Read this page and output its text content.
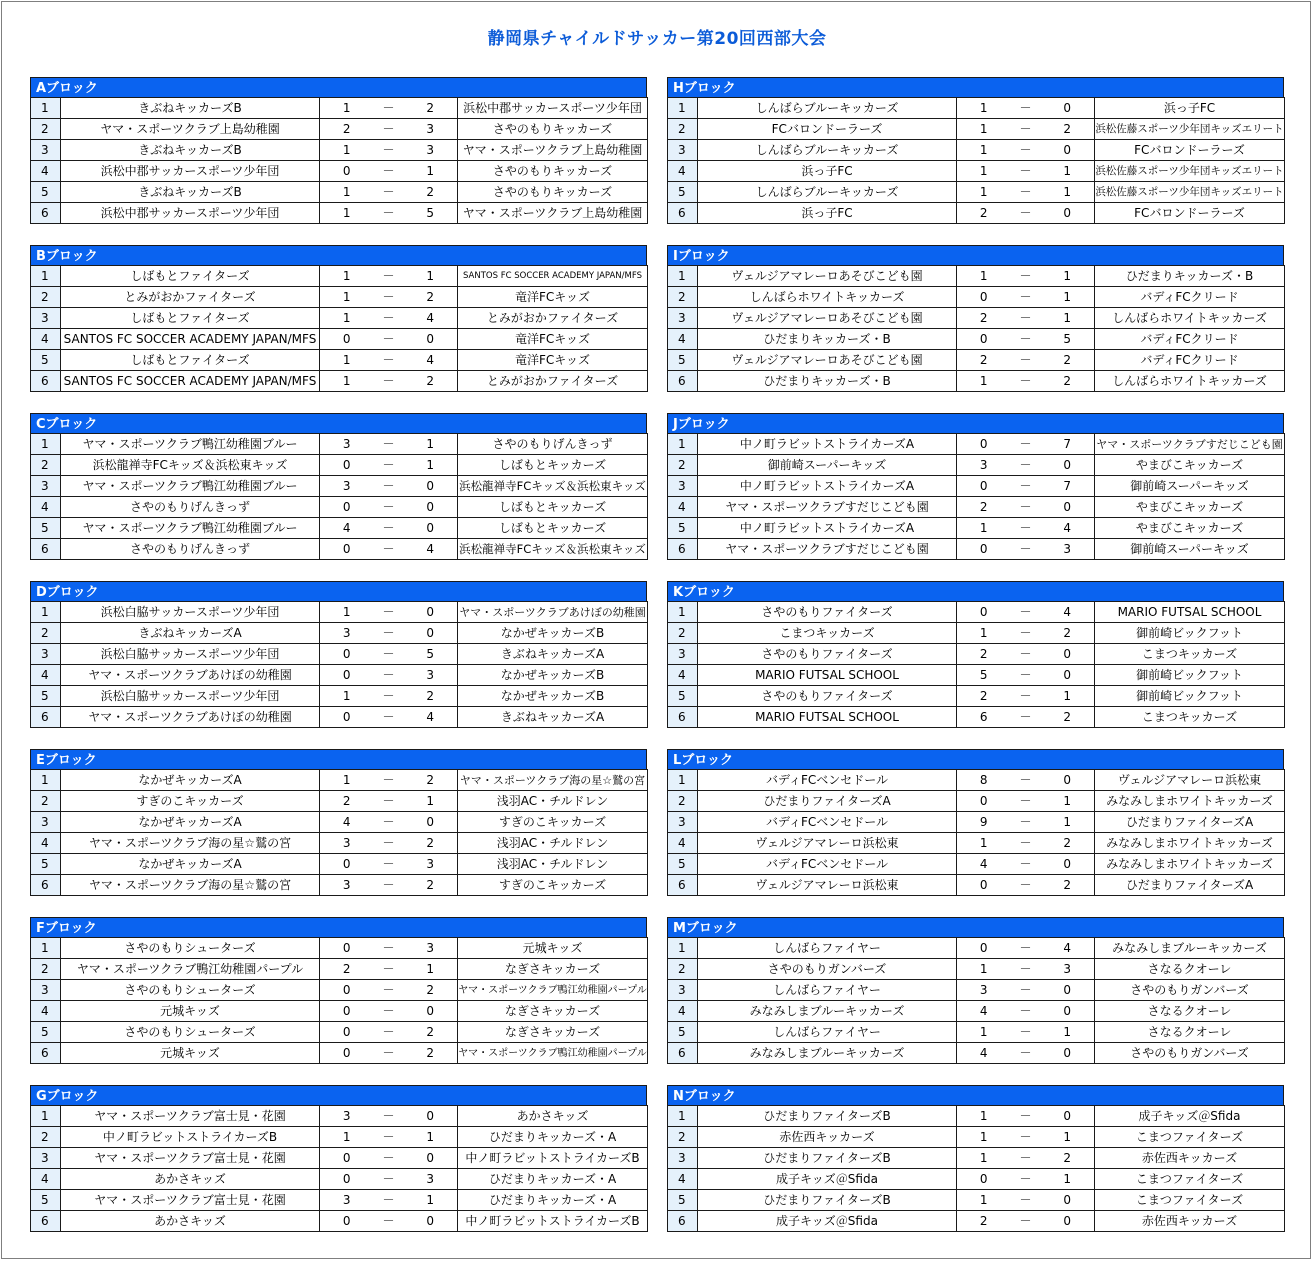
静岡県チャイルドサッカー第20回西部大会
Aブロック
1	きぶねキッカーズB	1	－	2	浜松中郡サッカースポーツ少年団
2	ヤマ・スポーツクラブ上島幼稚園	2	－	3	さやのもりキッカーズ
3	きぶねキッカーズB	1	－	3	ヤマ・スポーツクラブ上島幼稚園
4	浜松中郡サッカースポーツ少年団	0	－	1	さやのもりキッカーズ
5	きぶねキッカーズB	1	－	2	さやのもりキッカーズ
6	浜松中郡サッカースポーツ少年団	1	－	5	ヤマ・スポーツクラブ上島幼稚園
Bブロック
1	しばもとファイターズ	1	－	1	SANTOS FC SOCCER ACADEMY JAPAN/MFS
2	とみがおかファイターズ	1	－	2	竜洋FCキッズ
3	しばもとファイターズ	1	－	4	とみがおかファイターズ
4	SANTOS FC SOCCER ACADEMY JAPAN/MFS	0	－	0	竜洋FCキッズ
5	しばもとファイターズ	1	－	4	竜洋FCキッズ
6	SANTOS FC SOCCER ACADEMY JAPAN/MFS	1	－	2	とみがおかファイターズ
Cブロック
1	ヤマ・スポーツクラブ鴨江幼稚園ブルー	3	－	1	さやのもりげんきっず
2	浜松龍禅寺FCキッズ＆浜松東キッズ	0	－	1	しばもとキッカーズ
3	ヤマ・スポーツクラブ鴨江幼稚園ブルー	3	－	0	浜松龍禅寺FCキッズ＆浜松東キッズ
4	さやのもりげんきっず	0	－	0	しばもとキッカーズ
5	ヤマ・スポーツクラブ鴨江幼稚園ブルー	4	－	0	しばもとキッカーズ
6	さやのもりげんきっず	0	－	4	浜松龍禅寺FCキッズ＆浜松東キッズ
Dブロック
1	浜松白脇サッカースポーツ少年団	1	－	0	ヤマ・スポーツクラブあけぼの幼稚園
2	きぶねキッカーズA	3	－	0	なかぜキッカーズB
3	浜松白脇サッカースポーツ少年団	0	－	5	きぶねキッカーズA
4	ヤマ・スポーツクラブあけぼの幼稚園	0	－	3	なかぜキッカーズB
5	浜松白脇サッカースポーツ少年団	1	－	2	なかぜキッカーズB
6	ヤマ・スポーツクラブあけぼの幼稚園	0	－	4	きぶねキッカーズA
Eブロック
1	なかぜキッカーズA	1	－	2	ヤマ・スポーツクラブ海の星☆鷲の宮
2	すぎのこキッカーズ	2	－	1	浅羽AC・チルドレン
3	なかぜキッカーズA	4	－	0	すぎのこキッカーズ
4	ヤマ・スポーツクラブ海の星☆鷲の宮	3	－	2	浅羽AC・チルドレン
5	なかぜキッカーズA	0	－	3	浅羽AC・チルドレン
6	ヤマ・スポーツクラブ海の星☆鷲の宮	3	－	2	すぎのこキッカーズ
Fブロック
1	さやのもりシューターズ	0	－	3	元城キッズ
2	ヤマ・スポーツクラブ鴨江幼稚園パープル	2	－	1	なぎさキッカーズ
3	さやのもりシューターズ	0	－	2	ヤマ・スポーツクラブ鴨江幼稚園パープル
4	元城キッズ	0	－	0	なぎさキッカーズ
5	さやのもりシューターズ	0	－	2	なぎさキッカーズ
6	元城キッズ	0	－	2	ヤマ・スポーツクラブ鴨江幼稚園パープル
Gブロック
1	ヤマ・スポーツクラブ富士見・花園	3	－	0	あかさキッズ
2	中ノ町ラビットストライカーズB	1	－	1	ひだまりキッカーズ・A
3	ヤマ・スポーツクラブ富士見・花園	0	－	0	中ノ町ラビットストライカーズB
4	あかさキッズ	0	－	3	ひだまりキッカーズ・A
5	ヤマ・スポーツクラブ富士見・花園	3	－	1	ひだまりキッカーズ・A
6	あかさキッズ	0	－	0	中ノ町ラビットストライカーズB
Hブロック
1	しんばらブルーキッカーズ	1	－	0	浜っ子FC
2	FCバロンドーラーズ	1	－	2	浜松佐藤スポーツ少年団キッズエリート
3	しんばらブルーキッカーズ	1	－	0	FCバロンドーラーズ
4	浜っ子FC	1	－	1	浜松佐藤スポーツ少年団キッズエリート
5	しんばらブルーキッカーズ	1	－	1	浜松佐藤スポーツ少年団キッズエリート
6	浜っ子FC	2	－	0	FCバロンドーラーズ
Iブロック
1	ヴェルジアマレーロあそびこども園	1	－	1	ひだまりキッカーズ・B
2	しんばらホワイトキッカーズ	0	－	1	バディFCクリード
3	ヴェルジアマレーロあそびこども園	2	－	1	しんばらホワイトキッカーズ
4	ひだまりキッカーズ・B	0	－	5	バディFCクリード
5	ヴェルジアマレーロあそびこども園	2	－	2	バディFCクリード
6	ひだまりキッカーズ・B	1	－	2	しんばらホワイトキッカーズ
Jブロック
1	中ノ町ラビットストライカーズA	0	－	7	ヤマ・スポーツクラブすだじこども園
2	御前崎スーパーキッズ	3	－	0	やまびこキッカーズ
3	中ノ町ラビットストライカーズA	0	－	7	御前崎スーパーキッズ
4	ヤマ・スポーツクラブすだじこども園	2	－	0	やまびこキッカーズ
5	中ノ町ラビットストライカーズA	1	－	4	やまびこキッカーズ
6	ヤマ・スポーツクラブすだじこども園	0	－	3	御前崎スーパーキッズ
Kブロック
1	さやのもりファイターズ	0	－	4	MARIO FUTSAL SCHOOL
2	こまつキッカーズ	1	－	2	御前崎ビックフット
3	さやのもりファイターズ	2	－	0	こまつキッカーズ
4	MARIO FUTSAL SCHOOL	5	－	0	御前崎ビックフット
5	さやのもりファイターズ	2	－	1	御前崎ビックフット
6	MARIO FUTSAL SCHOOL	6	－	2	こまつキッカーズ
Lブロック
1	バディFCベンセドール	8	－	0	ヴェルジアマレーロ浜松東
2	ひだまりファイターズA	0	－	1	みなみしまホワイトキッカーズ
3	バディFCベンセドール	9	－	1	ひだまりファイターズA
4	ヴェルジアマレーロ浜松東	1	－	2	みなみしまホワイトキッカーズ
5	バディFCベンセドール	4	－	0	みなみしまホワイトキッカーズ
6	ヴェルジアマレーロ浜松東	0	－	2	ひだまりファイターズA
Mブロック
1	しんばらファイヤー	0	－	4	みなみしまブルーキッカーズ
2	さやのもりガンバーズ	1	－	3	さなるクオーレ
3	しんばらファイヤー	3	－	0	さやのもりガンバーズ
4	みなみしまブルーキッカーズ	4	－	0	さなるクオーレ
5	しんばらファイヤー	1	－	1	さなるクオーレ
6	みなみしまブルーキッカーズ	4	－	0	さやのもりガンバーズ
Nブロック
1	ひだまりファイターズB	1	－	0	成子キッズ＠Sfida
2	赤佐西キッカーズ	1	－	1	こまつファイターズ
3	ひだまりファイターズB	1	－	2	赤佐西キッカーズ
4	成子キッズ＠Sfida	0	－	1	こまつファイターズ
5	ひだまりファイターズB	1	－	0	こまつファイターズ
6	成子キッズ＠Sfida	2	－	0	赤佐西キッカーズ
